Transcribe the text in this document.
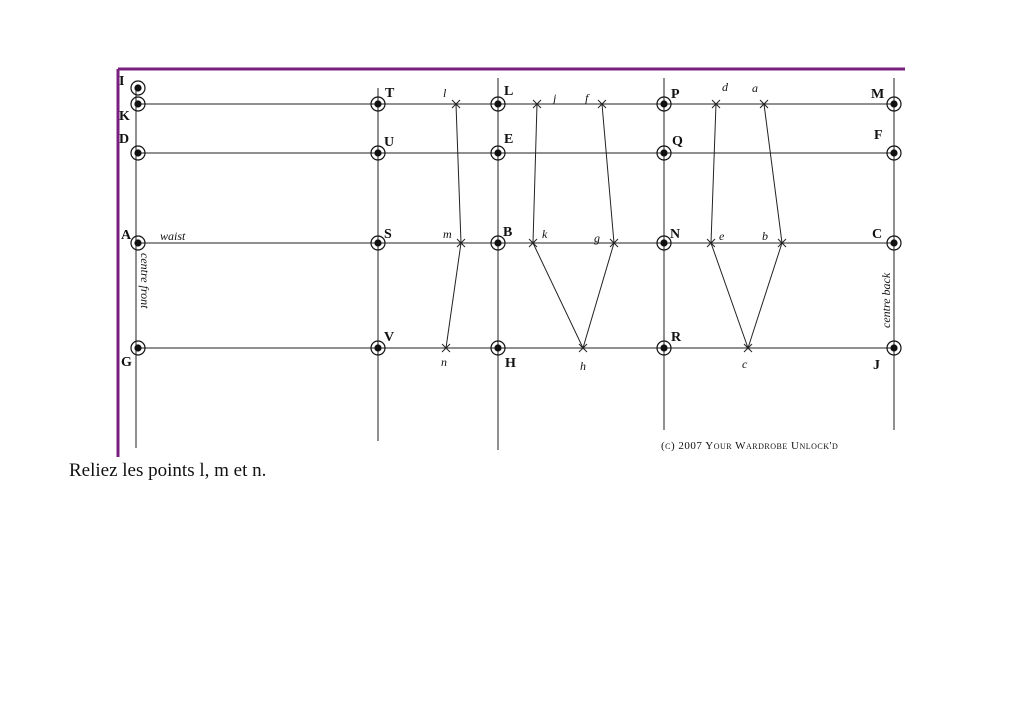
I
K
D
A
G
T
U
S
V
L
E
B
H
P
Q
N
R
M
F
C
J
l
m
n
j f
k	g
h
d a
e	b
c
waist
centre front	centre back
(c) 2007 Your Wardrobe Unlock'd
Reliez les points l, m et n.
